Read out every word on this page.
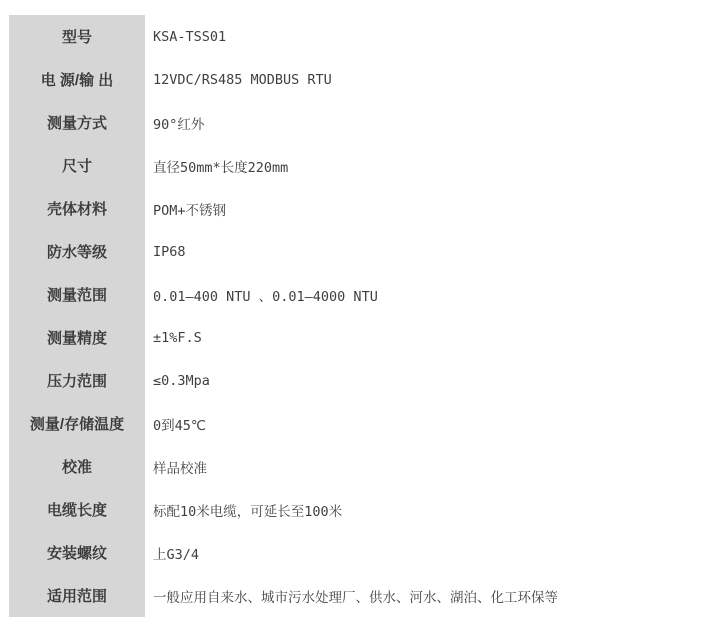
型号	KSA-TSS01
电 源/输 出	12VDC/RS485 MODBUS RTU
测量方式	90°红外
尺寸	直径50mm*长度220mm
壳体材料	POM+不锈钢
防水等级	IP68
测量范围	0.01—400 NTU 、0.01—4000 NTU
测量精度	±1%F.S
压力范围	≤0.3Mpa
测量/存储温度	0到45℃
校准	样品校准
电缆长度	标配10米电缆，可延长至100米
安装螺纹	上G3/4
适用范围	一般应用自来水、城市污水处理厂、供水、河水、湖泊、化工环保等
